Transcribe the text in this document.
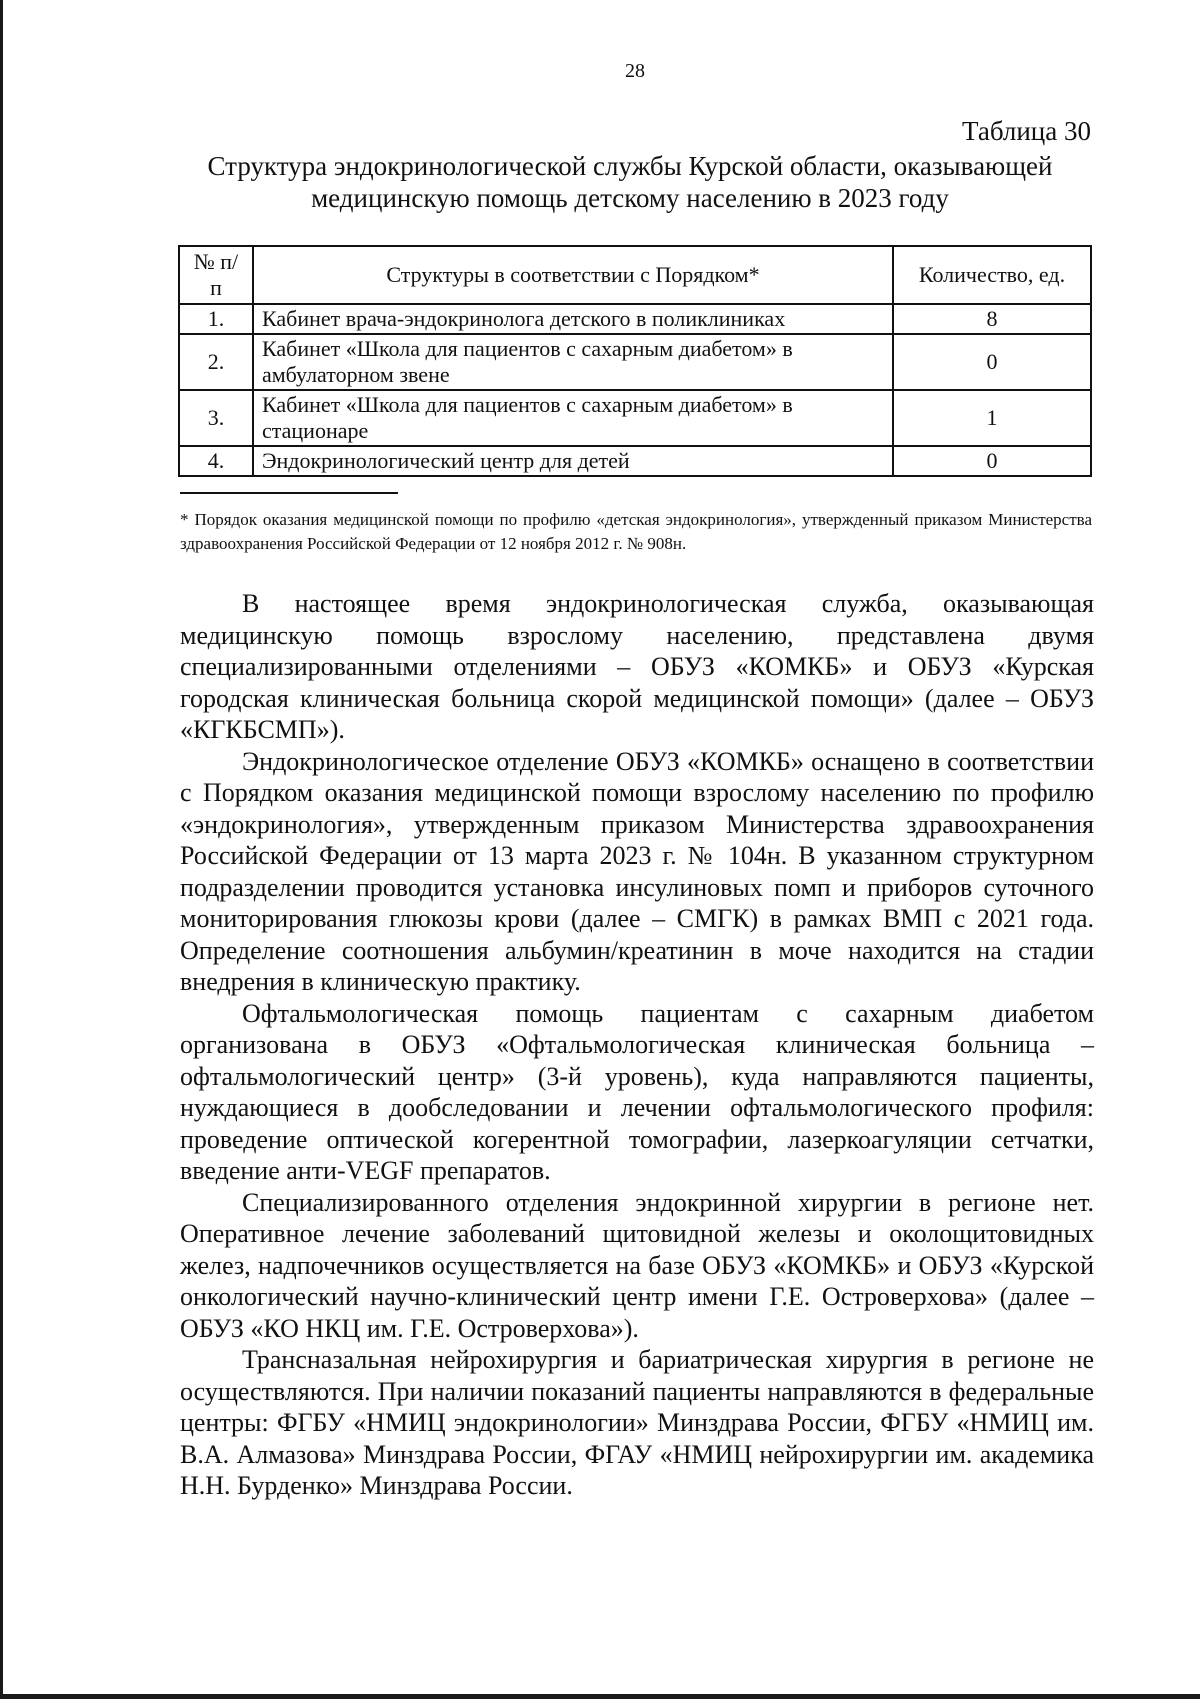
28
Таблица 30
Структура эндокринологической службы Курской области, оказывающей медицинскую помощь детскому населению в 2023 году
№ п/п	Структуры в соответствии с Порядком*	Количество, ед.
1.	Кабинет врача-эндокринолога детского в поликлиниках	8
2.	Кабинет «Школа для пациентов с сахарным диабетом» в амбулаторном звене	0
3.	Кабинет «Школа для пациентов с сахарным диабетом» в стационаре	1
4.	Эндокринологический центр для детей	0
* Порядок оказания медицинской помощи по профилю «детская эндокринология», утвержденный приказом Министерства здравоохранения Российской Федерации от 12 ноября 2012 г. № 908н.

В настоящее время эндокринологическая служба, оказывающая медицинскую помощь взрослому населению, представлена двумя специализированными отделениями – ОБУЗ «КОМКБ» и ОБУЗ «Курская городская клиническая больница скорой медицинской помощи» (далее – ОБУЗ «КГКБСМП»).

Эндокринологическое отделение ОБУЗ «КОМКБ» оснащено в соответствии с Порядком оказания медицинской помощи взрослому населению по профилю «эндокринология», утвержденным приказом Министерства здравоохранения Российской Федерации от 13 марта 2023 г. № 104н. В указанном структурном подразделении проводится установка инсулиновых помп и приборов суточного мониторирования глюкозы крови (далее – СМГК) в рамках ВМП с 2021 года. Определение соотношения альбумин/креатинин в моче находится на стадии внедрения в клиническую практику.

Офтальмологическая помощь пациентам с сахарным диабетом организована в ОБУЗ «Офтальмологическая клиническая больница – офтальмологический центр» (3-й уровень), куда направляются пациенты, нуждающиеся в дообследовании и лечении офтальмологического профиля: проведение оптической когерентной томографии, лазеркоагуляции сетчатки, введение анти-VEGF препаратов.

Специализированного отделения эндокринной хирургии в регионе нет. Оперативное лечение заболеваний щитовидной железы и околощитовидных желез, надпочечников осуществляется на базе ОБУЗ «КОМКБ» и ОБУЗ «Курской онкологический научно-клинический центр имени Г.Е. Островерхова» (далее – ОБУЗ «КО НКЦ им. Г.Е. Островерхова»).

Трансназальная нейрохирургия и бариатрическая хирургия в регионе не осуществляются. При наличии показаний пациенты направляются в федеральные центры: ФГБУ «НМИЦ эндокринологии» Минздрава России, ФГБУ «НМИЦ им. В.А. Алмазова» Минздрава России, ФГАУ «НМИЦ нейрохирургии им. академика Н.Н. Бурденко» Минздрава России.
